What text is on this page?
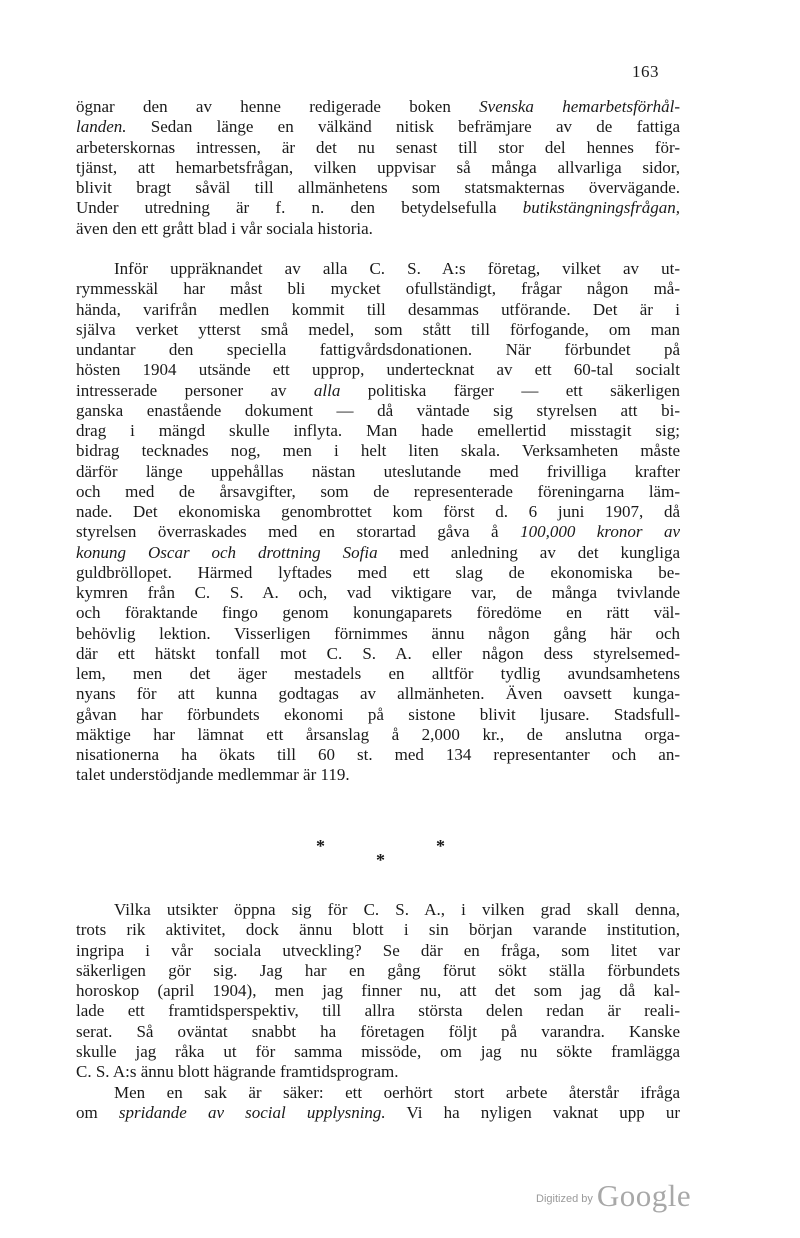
163
ögnar den av henne redigerade boken Svenska hemarbetsförhål-
landen. Sedan länge en välkänd nitisk befrämjare av de fattiga
arbeterskornas intressen, är det nu senast till stor del hennes för-
tjänst, att hemarbetsfrågan, vilken uppvisar så många allvarliga sidor,
blivit bragt såväl till allmänhetens som statsmakternas övervägande.
Under utredning är f. n. den betydelsefulla butikstängningsfrågan,
även den ett grått blad i vår sociala historia.
Inför uppräknandet av alla C. S. A:s företag, vilket av ut-
rymmesskäl har måst bli mycket ofullständigt, frågar någon må-
hända, varifrån medlen kommit till desammas utförande. Det är i
själva verket ytterst små medel, som stått till förfogande, om man
undantar den speciella fattigvårdsdonationen. När förbundet på
hösten 1904 utsände ett upprop, undertecknat av ett 60-tal socialt
intresserade personer av alla politiska färger — ett säkerligen
ganska enastående dokument — då väntade sig styrelsen att bi-
drag i mängd skulle inflyta. Man hade emellertid misstagit sig;
bidrag tecknades nog, men i helt liten skala. Verksamheten måste
därför länge uppehållas nästan uteslutande med frivilliga krafter
och med de årsavgifter, som de representerade föreningarna läm-
nade. Det ekonomiska genombrottet kom först d. 6 juni 1907, då
styrelsen överraskades med en storartad gåva å 100,000 kronor av
konung Oscar och drottning Sofia med anledning av det kungliga
guldbröllopet. Härmed lyftades med ett slag de ekonomiska be-
kymren från C. S. A. och, vad viktigare var, de många tvivlande
och föraktande fingo genom konungaparets föredöme en rätt väl-
behövlig lektion. Visserligen förnimmes ännu någon gång här och
där ett hätskt tonfall mot C. S. A. eller någon dess styrelsemed-
lem, men det äger mestadels en alltför tydlig avundsamhetens
nyans för att kunna godtagas av allmänheten. Även oavsett kunga-
gåvan har förbundets ekonomi på sistone blivit ljusare. Stadsfull-
mäktige har lämnat ett årsanslag å 2,000 kr., de anslutna orga-
nisationerna ha ökats till 60 st. med 134 representanter och an-
talet understödjande medlemmar är 119.
*
*
*
Vilka utsikter öppna sig för C. S. A., i vilken grad skall denna,
trots rik aktivitet, dock ännu blott i sin början varande institution,
ingripa i vår sociala utveckling? Se där en fråga, som litet var
säkerligen gör sig. Jag har en gång förut sökt ställa förbundets
horoskop (april 1904), men jag finner nu, att det som jag då kal-
lade ett framtidsperspektiv, till allra största delen redan är reali-
serat. Så oväntat snabbt ha företagen följt på varandra. Kanske
skulle jag råka ut för samma missöde, om jag nu sökte framlägga
C. S. A:s ännu blott hägrande framtidsprogram.
Men en sak är säker: ett oerhört stort arbete återstår ifråga
om spridande av social upplysning. Vi ha nyligen vaknat upp ur
$^{Digitized by}$ Google
